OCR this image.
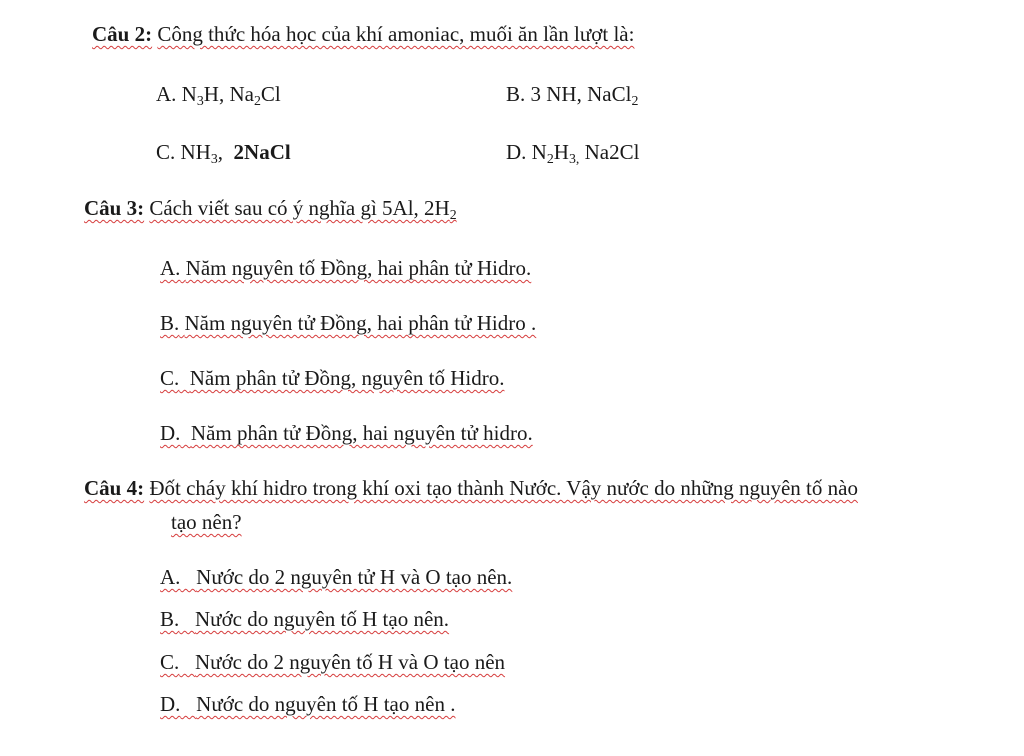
Câu 2: Công thức hóa học của khí amoniac, muối ăn lần lượt là:
A. $N_3H$, $Na_2Cl$	B. 3 NH, NaCl$_2$
C. $NH_3$, 2NaCl	D. $N_2H_{3,}$ Na2Cl
Câu 3: Cách viết sau có ý nghĩa gì 5Al, $2H_2$
A. Năm nguyên tố Đồng, hai phân tử Hidro.
B. Năm nguyên tử Đồng, hai phân tử Hidro .
C. Năm phân tử Đồng, nguyên tố Hidro.
D. Năm phân tử Đồng, hai nguyên tử hidro.
Câu 4: Đốt cháy khí hidro trong khí oxi tạo thành Nước. Vậy nước do những nguyên tố nào
tạo nên?
A. Nước do 2 nguyên tử H và O tạo nên.
B. Nước do nguyên tố H tạo nên.
C. Nước do 2 nguyên tố H và O tạo nên
D. Nước do nguyên tố H tạo nên .
